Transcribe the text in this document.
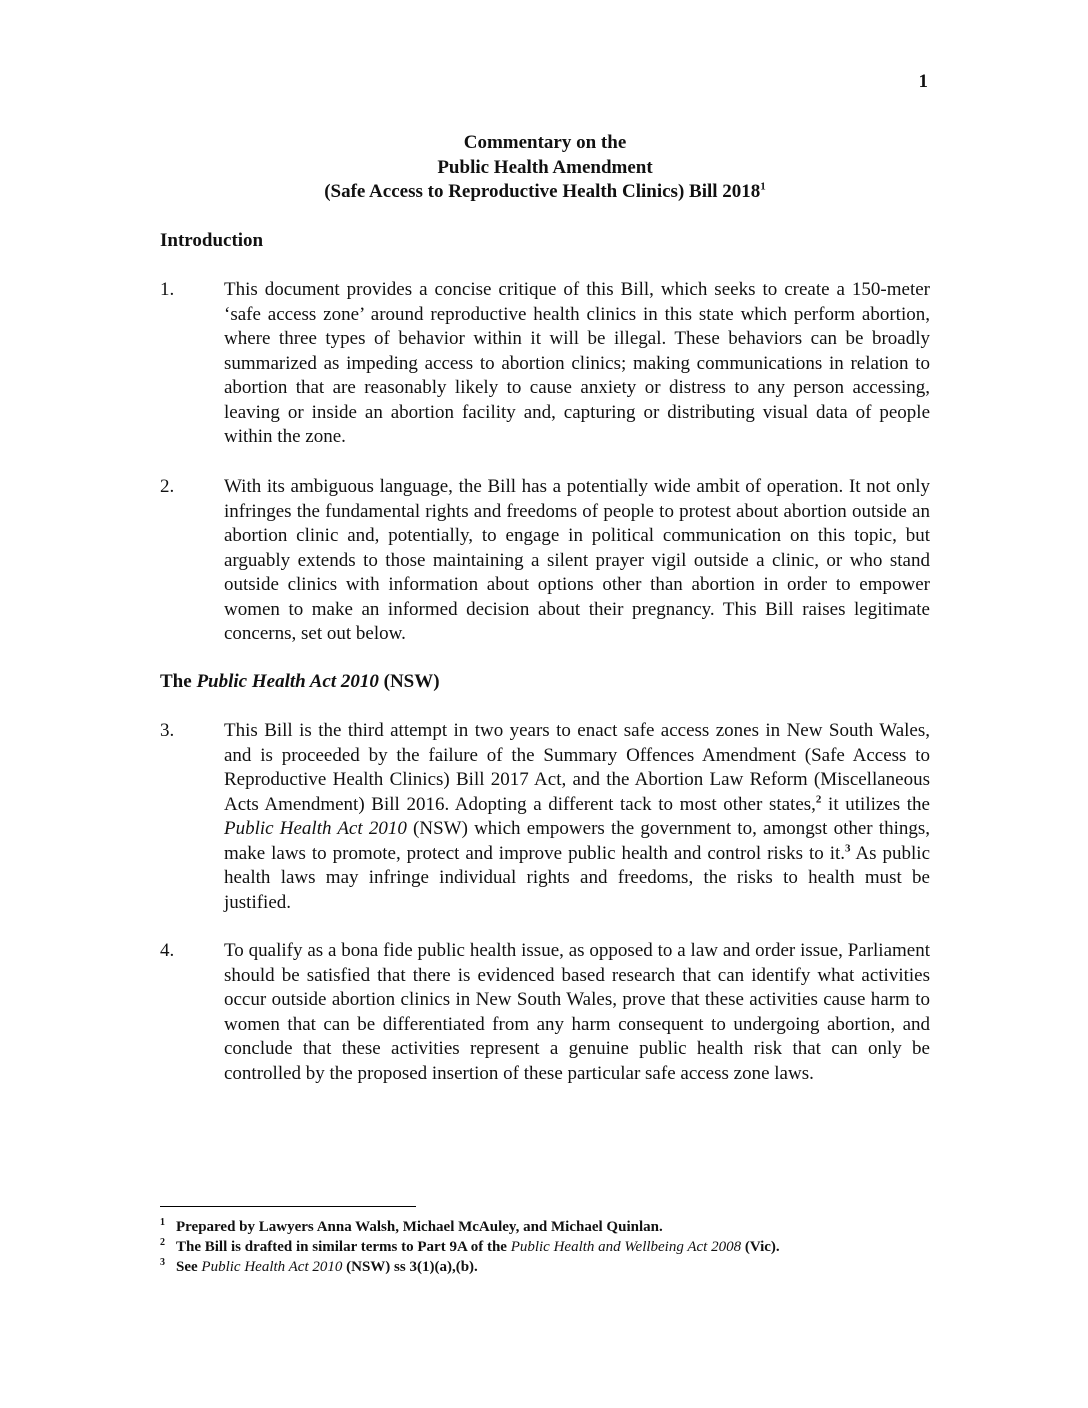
1
Commentary on the
Public Health Amendment
(Safe Access to Reproductive Health Clinics) Bill 2018$^1$
Introduction
1.	This document provides a concise critique of this Bill, which seeks to create a 150-meter ‘safe access zone’ around reproductive health clinics in this state which perform abortion, where three types of behavior within it will be illegal. These behaviors can be broadly summarized as impeding access to abortion clinics; making communications in relation to abortion that are reasonably likely to cause anxiety or distress to any person accessing, leaving or inside an abortion facility and, capturing or distributing visual data of people within the zone.
2.	With its ambiguous language, the Bill has a potentially wide ambit of operation. It not only infringes the fundamental rights and freedoms of people to protest about abortion outside an abortion clinic and, potentially, to engage in political communication on this topic, but arguably extends to those maintaining a silent prayer vigil outside a clinic, or who stand outside clinics with information about options other than abortion in order to empower women to make an informed decision about their pregnancy. This Bill raises legitimate concerns, set out below.
The Public Health Act 2010 (NSW)
3.	This Bill is the third attempt in two years to enact safe access zones in New South Wales, and is proceeded by the failure of the Summary Offences Amendment (Safe Access to Reproductive Health Clinics) Bill 2017 Act, and the Abortion Law Reform (Miscellaneous Acts Amendment) Bill 2016. Adopting a different tack to most other states,$^2$ it utilizes the Public Health Act 2010 (NSW) which empowers the government to, amongst other things, make laws to promote, protect and improve public health and control risks to it.$^3$ As public health laws may infringe individual rights and freedoms, the risks to health must be justified.
4.	To qualify as a bona fide public health issue, as opposed to a law and order issue, Parliament should be satisfied that there is evidenced based research that can identify what activities occur outside abortion clinics in New South Wales, prove that these activities cause harm to women that can be differentiated from any harm consequent to undergoing abortion, and conclude that these activities represent a genuine public health risk that can only be controlled by the proposed insertion of these particular safe access zone laws.
1 Prepared by Lawyers Anna Walsh, Michael McAuley, and Michael Quinlan.
2 The Bill is drafted in similar terms to Part 9A of the Public Health and Wellbeing Act 2008 (Vic).
3 See Public Health Act 2010 (NSW) ss 3(1)(a),(b).
